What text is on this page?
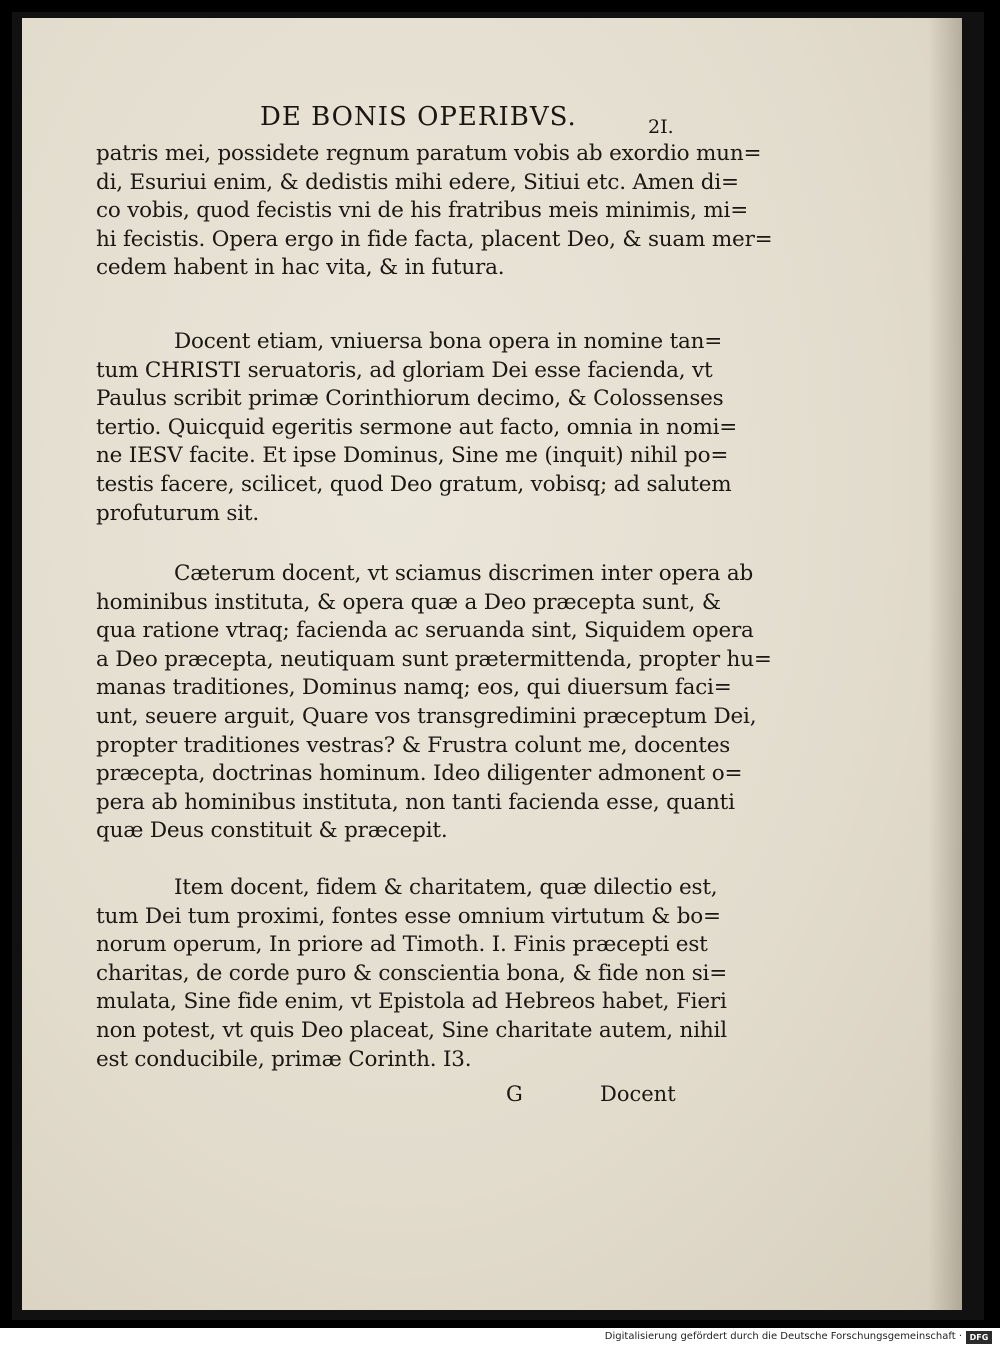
DE BONIS OPERIBVS.	2I.
patris mei, possidete regnum paratum vobis ab exordio mun=
di, Esuriui enim, & dedistis mihi edere, Sitiui etc. Amen di=
co vobis, quod fecistis vni de his fratribus meis minimis, mi=
hi fecistis. Opera ergo in fide facta, placent Deo, & suam mer=
cedem habent in hac vita, & in futura.
Docent etiam, vniuersa bona opera in nomine tan=
tum CHRISTI seruatoris, ad gloriam Dei esse facienda, vt
Paulus scribit primæ Corinthiorum decimo, & Colossenses
tertio. Quicquid egeritis sermone aut facto, omnia in nomi=
ne IESV facite. Et ipse Dominus, Sine me (inquit) nihil po=
testis facere, scilicet, quod Deo gratum, vobisq; ad salutem
profuturum sit.
Cæterum docent, vt sciamus discrimen inter opera ab
hominibus instituta, & opera quæ a Deo præcepta sunt, &
qua ratione vtraq; facienda ac seruanda sint, Siquidem opera
a Deo præcepta, neutiquam sunt prætermittenda, propter hu=
manas traditiones, Dominus namq; eos, qui diuersum faci=
unt, seuere arguit, Quare vos transgredimini præceptum Dei,
propter traditiones vestras? & Frustra colunt me, docentes
præcepta, doctrinas hominum. Ideo diligenter admonent o=
pera ab hominibus instituta, non tanti facienda esse, quanti
quæ Deus constituit & præcepit.
Item docent, fidem & charitatem, quæ dilectio est,
tum Dei tum proximi, fontes esse omnium virtutum & bo=
norum operum, In priore ad Timoth. I. Finis præcepti est
charitas, de corde puro & conscientia bona, & fide non si=
mulata, Sine fide enim, vt Epistola ad Hebreos habet, Fieri
non potest, vt quis Deo placeat, Sine charitate autem, nihil
est conducibile, primæ Corinth. I3.
G	Docent
Digitalisierung gefördert durch die Deutsche Forschungsgemeinschaft · DFG
